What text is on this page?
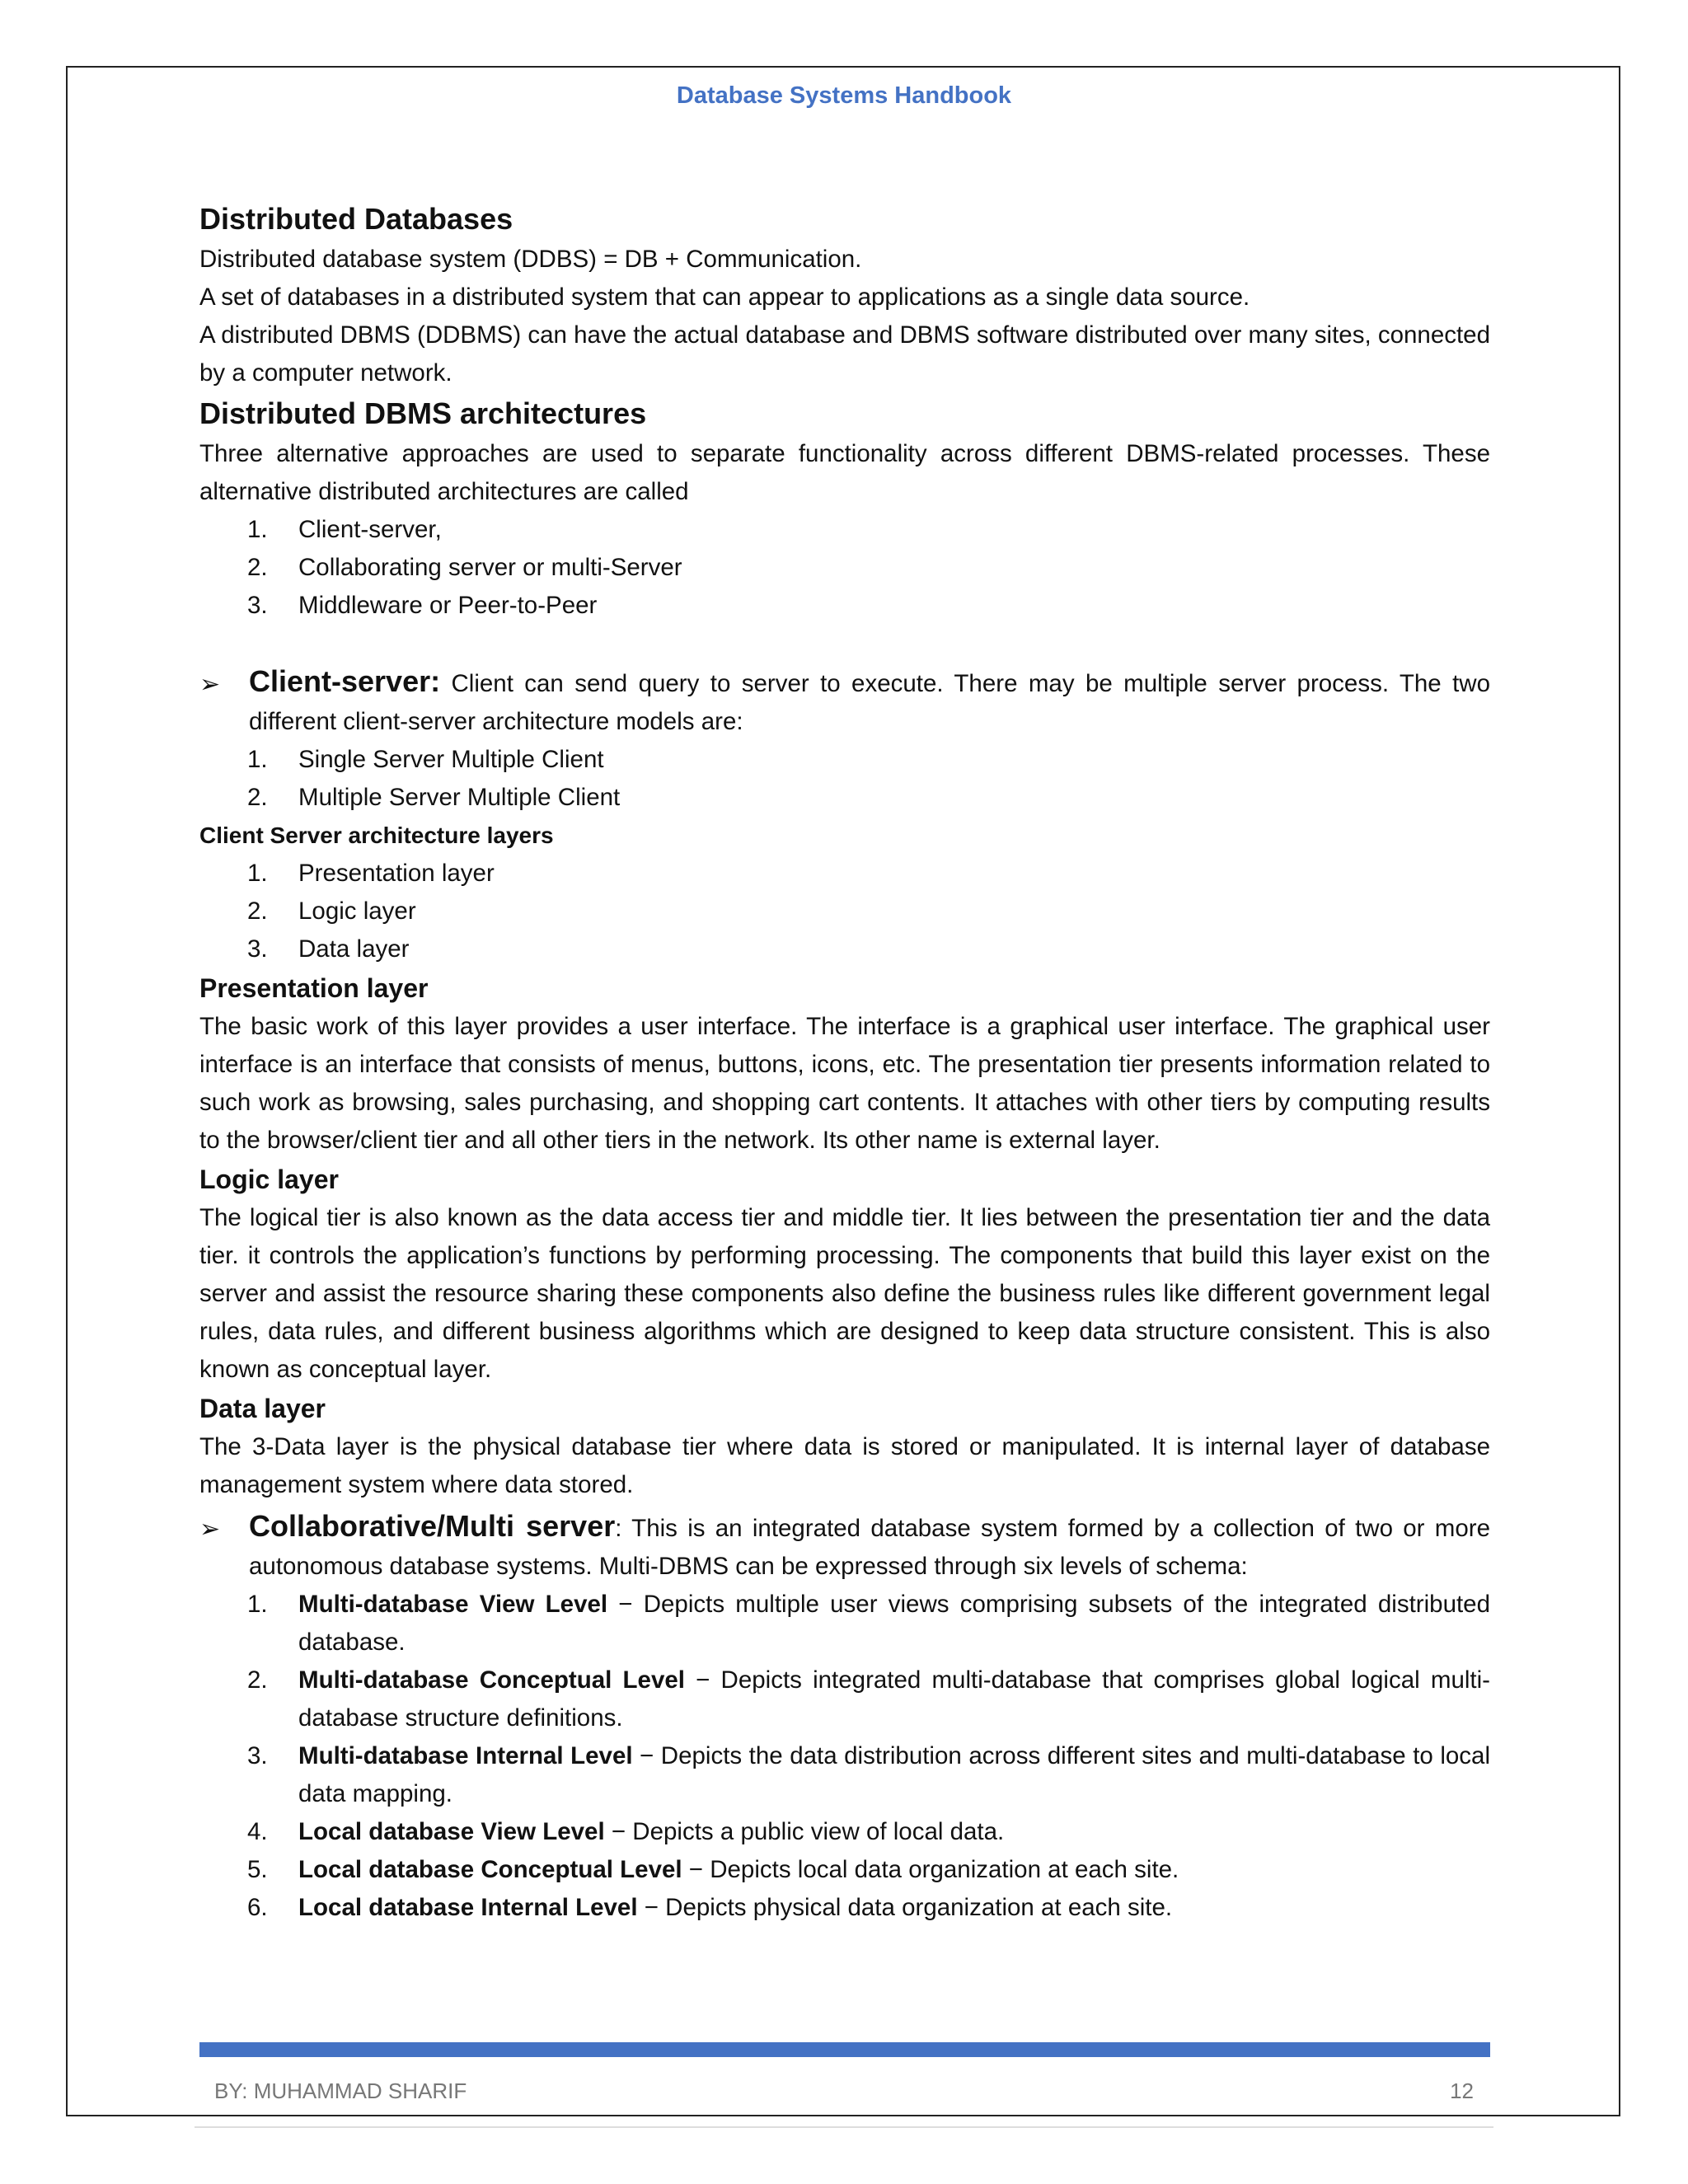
Database Systems Handbook
Distributed Databases

Distributed database system (DDBS) = DB + Communication.

A set of databases in a distributed system that can appear to applications as a single data source.

A distributed DBMS (DDBMS) can have the actual database and DBMS software distributed over many sites, connected by a computer network.

Distributed DBMS architectures

Three alternative approaches are used to separate functionality across different DBMS-related processes. These alternative distributed architectures are called

1. Client-server,
2. Collaborating server or multi-Server
3. Middleware or Peer-to-Peer
➢ Client-server: Client can send query to server to execute. There may be multiple server process. The two different client-server architecture models are:
1. Single Server Multiple Client
2. Multiple Server Multiple Client
Client Server architecture layers
1. Presentation layer
2. Logic layer
3. Data layer
Presentation layer

The basic work of this layer provides a user interface. The interface is a graphical user interface. The graphical user interface is an interface that consists of menus, buttons, icons, etc. The presentation tier presents information related to such work as browsing, sales purchasing, and shopping cart contents. It attaches with other tiers by computing results to the browser/client tier and all other tiers in the network. Its other name is external layer.

Logic layer

The logical tier is also known as the data access tier and middle tier. It lies between the presentation tier and the data tier. it controls the application’s functions by performing processing. The components that build this layer exist on the server and assist the resource sharing these components also define the business rules like different government legal rules, data rules, and different business algorithms which are designed to keep data structure consistent. This is also known as conceptual layer.

Data layer

The 3-Data layer is the physical database tier where data is stored or manipulated. It is internal layer of database management system where data stored.

➢ Collaborative/Multi server: This is an integrated database system formed by a collection of two or more autonomous database systems. Multi-DBMS can be expressed through six levels of schema:
1. Multi-database View Level − Depicts multiple user views comprising subsets of the integrated distributed database.
2. Multi-database Conceptual Level − Depicts integrated multi-database that comprises global logical multi-database structure definitions.
3. Multi-database Internal Level − Depicts the data distribution across different sites and multi-database to local data mapping.
4. Local database View Level − Depicts a public view of local data.
5. Local database Conceptual Level − Depicts local data organization at each site.
6. Local database Internal Level − Depicts physical data organization at each site.
BY: MUHAMMAD SHARIF	12
